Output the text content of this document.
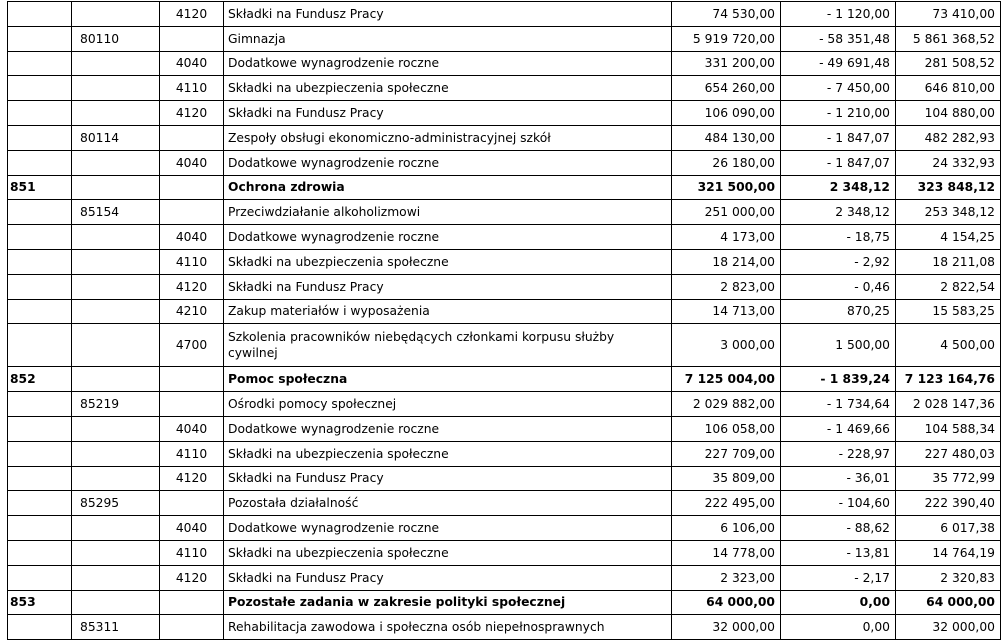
		4120	Składki na Fundusz Pracy	74 530,00	- 1 120,00	73 410,00
	80110		Gimnazja	5 919 720,00	- 58 351,48	5 861 368,52
		4040	Dodatkowe wynagrodzenie roczne	331 200,00	- 49 691,48	281 508,52
		4110	Składki na ubezpieczenia społeczne	654 260,00	- 7 450,00	646 810,00
		4120	Składki na Fundusz Pracy	106 090,00	- 1 210,00	104 880,00
	80114		Zespoły obsługi ekonomiczno-administracyjnej szkół	484 130,00	- 1 847,07	482 282,93
		4040	Dodatkowe wynagrodzenie roczne	26 180,00	- 1 847,07	24 332,93
851			Ochrona zdrowia	321 500,00	2 348,12	323 848,12
	85154		Przeciwdziałanie alkoholizmowi	251 000,00	2 348,12	253 348,12
		4040	Dodatkowe wynagrodzenie roczne	4 173,00	- 18,75	4 154,25
		4110	Składki na ubezpieczenia społeczne	18 214,00	- 2,92	18 211,08
		4120	Składki na Fundusz Pracy	2 823,00	- 0,46	2 822,54
		4210	Zakup materiałów i wyposażenia	14 713,00	870,25	15 583,25
		4700	Szkolenia pracowników niebędących członkami korpusu służby cywilnej	3 000,00	1 500,00	4 500,00
852			Pomoc społeczna	7 125 004,00	- 1 839,24	7 123 164,76
	85219		Ośrodki pomocy społecznej	2 029 882,00	- 1 734,64	2 028 147,36
		4040	Dodatkowe wynagrodzenie roczne	106 058,00	- 1 469,66	104 588,34
		4110	Składki na ubezpieczenia społeczne	227 709,00	- 228,97	227 480,03
		4120	Składki na Fundusz Pracy	35 809,00	- 36,01	35 772,99
	85295		Pozostała działalność	222 495,00	- 104,60	222 390,40
		4040	Dodatkowe wynagrodzenie roczne	6 106,00	- 88,62	6 017,38
		4110	Składki na ubezpieczenia społeczne	14 778,00	- 13,81	14 764,19
		4120	Składki na Fundusz Pracy	2 323,00	- 2,17	2 320,83
853			Pozostałe zadania w zakresie polityki społecznej	64 000,00	0,00	64 000,00
	85311		Rehabilitacja zawodowa i społeczna osób niepełnosprawnych	32 000,00	0,00	32 000,00
